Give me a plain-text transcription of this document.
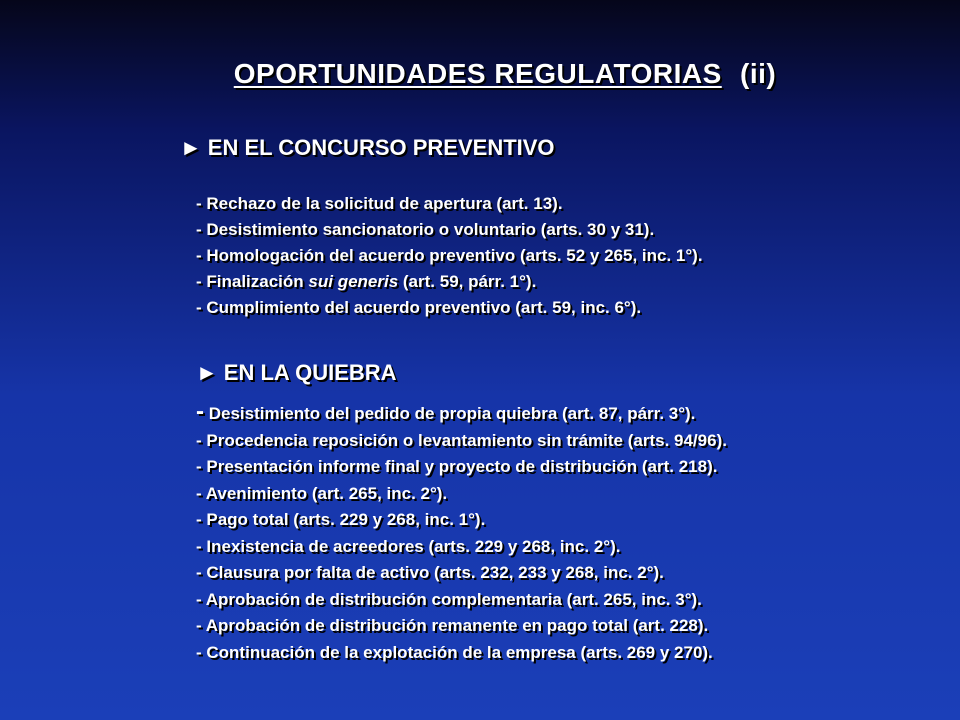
OPORTUNIDADES REGULATORIAS (ii)
► EN EL CONCURSO PREVENTIVO
- Rechazo de la solicitud de apertura (art. 13).
- Desistimiento sancionatorio o voluntario (arts. 30 y 31).
- Homologación del acuerdo preventivo (arts. 52 y 265, inc. 1°).
- Finalización sui generis (art. 59, párr. 1°).
- Cumplimiento del acuerdo preventivo (art. 59, inc. 6°).
► EN LA QUIEBRA
- Desistimiento del pedido de propia quiebra (art. 87, párr. 3°).
- Procedencia reposición o levantamiento sin trámite (arts. 94/96).
- Presentación informe final y proyecto de distribución (art. 218).
- Avenimiento (art. 265, inc. 2°).
- Pago total (arts. 229 y 268, inc. 1°).
- Inexistencia de acreedores (arts. 229 y 268, inc. 2°).
- Clausura por falta de activo (arts. 232, 233 y 268, inc. 2°).
- Aprobación de distribución complementaria (art. 265, inc. 3°).
- Aprobación de distribución remanente en pago total (art. 228).
- Continuación de la explotación de la empresa (arts. 269 y 270).
